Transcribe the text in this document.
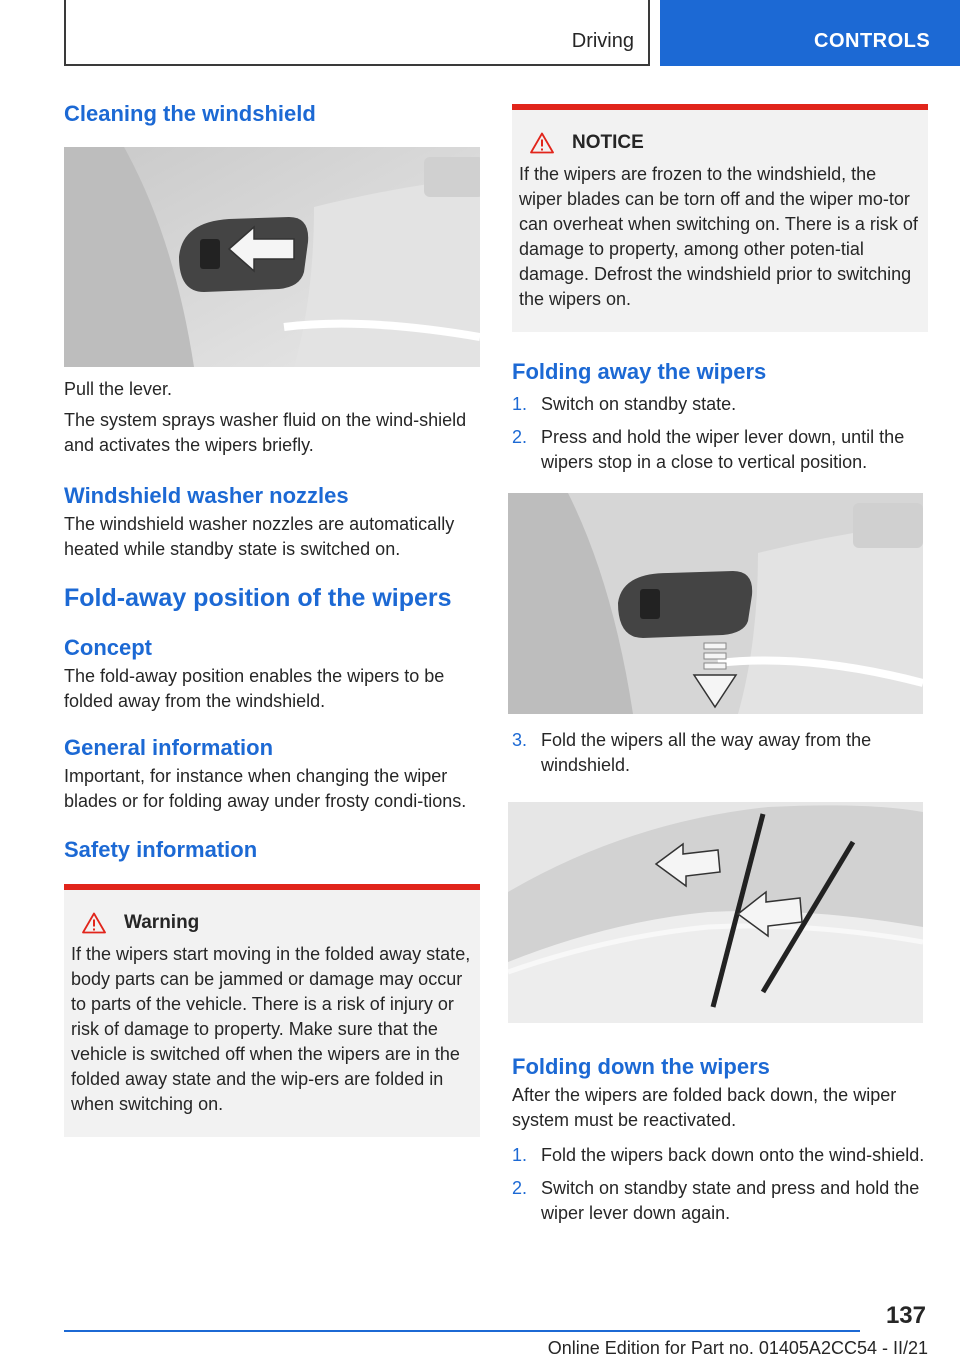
Driving	CONTROLS
Cleaning the windshield

Pull the lever.

The system sprays washer fluid on the wind‐shield and activates the wipers briefly.

Windshield washer nozzles

The windshield washer nozzles are automatically heated while standby state is switched on.

Fold-away position of the wipers
Concept

The fold-away position enables the wipers to be folded away from the windshield.

General information

Important, for instance when changing the wiper blades or for folding away under frosty condi‐tions.

Safety information
Warning

If the wipers start moving in the folded away state, body parts can be jammed or damage may occur to parts of the vehicle. There is a risk of injury or risk of damage to property. Make sure that the vehicle is switched off when the wipers are in the folded away state and the wip‐ers are folded in when switching on.

NOTICE

If the wipers are frozen to the windshield, the wiper blades can be torn off and the wiper mo‐tor can overheat when switching on. There is a risk of damage to property, among other poten‐tial damage. Defrost the windshield prior to switching the wipers on.

Folding away the wipers
1. Switch on standby state.
2. Press and hold the wiper lever down, until the wipers stop in a close to vertical position.
3. Fold the wipers all the way away from the windshield.
Folding down the wipers

After the wipers are folded back down, the wiper system must be reactivated.

1. Fold the wipers back down onto the wind‐shield.
2. Switch on standby state and press and hold the wiper lever down again.
137
Online Edition for Part no. 01405A2CC54 - II/21
